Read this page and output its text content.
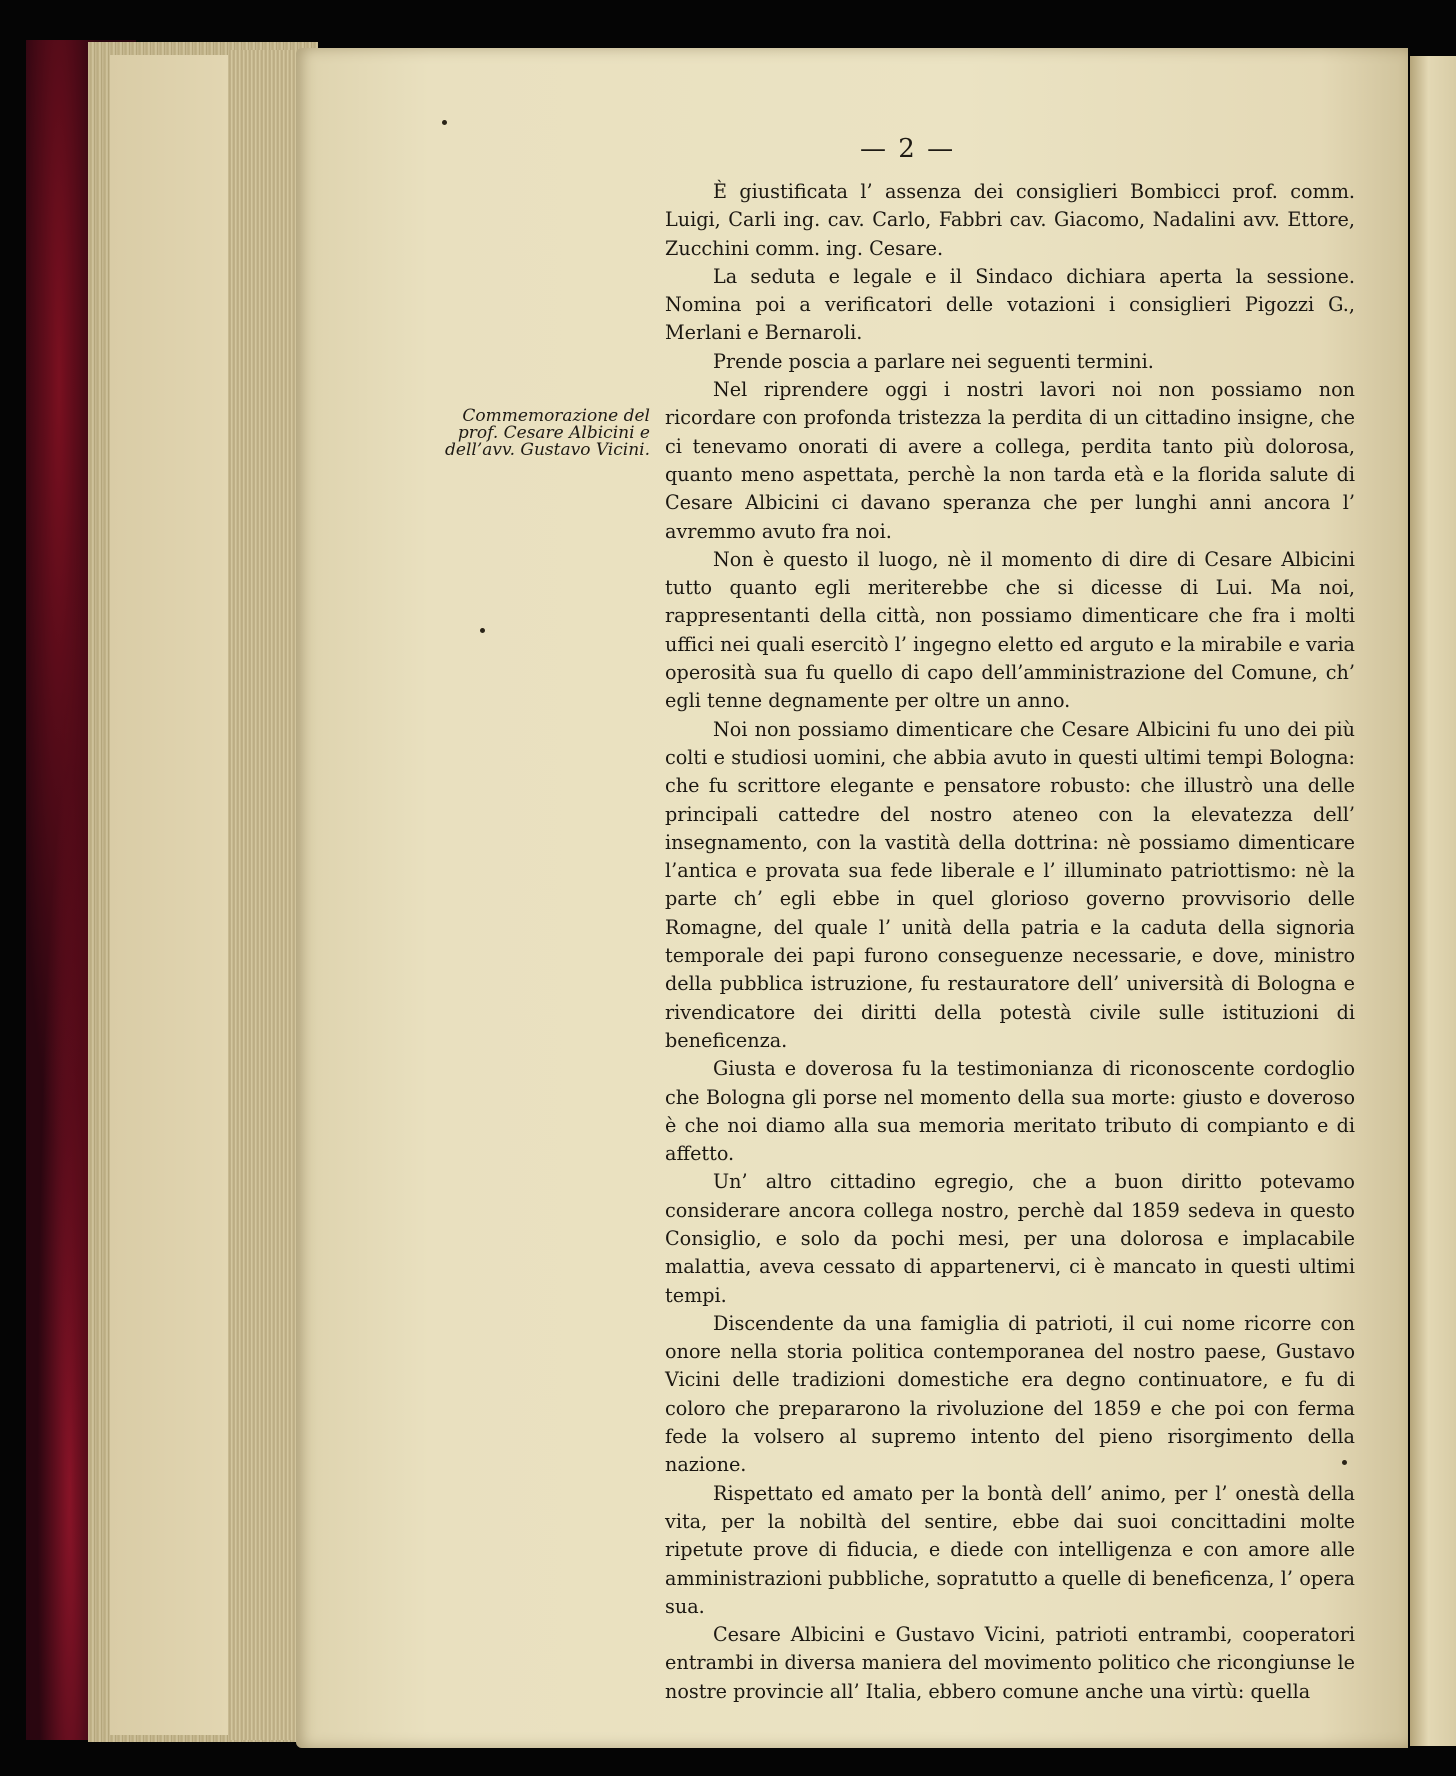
— 2 —
Commemorazione del
prof. Cesare Albicini e
dell’avv. Gustavo Vicini.

È giustificata l’ assenza dei consiglieri Bombicci prof. comm. Luigi, Carli ing. cav. Carlo, Fabbri cav. Giacomo, Nadalini avv. Ettore, Zucchini comm. ing. Cesare.

La seduta e legale e il Sindaco dichiara aperta la sessione. Nomina poi a verificatori delle votazioni i consiglieri Pigozzi G., Merlani e Bernaroli.

Prende poscia a parlare nei seguenti termini.

Nel riprendere oggi i nostri lavori noi non possiamo non ricordare con profonda tristezza la perdita di un cittadino insigne, che ci tenevamo onorati di avere a collega, perdita tanto più dolorosa, quanto meno aspettata, perchè la non tarda età e la florida salute di Cesare Albicini ci davano speranza che per lunghi anni ancora l’ avremmo avuto fra noi.

Non è questo il luogo, nè il momento di dire di Cesare Albicini tutto quanto egli meriterebbe che si dicesse di Lui. Ma noi, rappresentanti della città, non possiamo dimenticare che fra i molti uffici nei quali esercitò l’ ingegno eletto ed arguto e la mirabile e varia operosità sua fu quello di capo dell’amministrazione del Comune, ch’ egli tenne degnamente per oltre un anno.

Noi non possiamo dimenticare che Cesare Albicini fu uno dei più colti e studiosi uomini, che abbia avuto in questi ultimi tempi Bologna: che fu scrittore elegante e pensatore robusto: che illustrò una delle principali cattedre del nostro ateneo con la elevatezza dell’ insegnamento, con la vastità della dottrina: nè possiamo dimenticare l’antica e provata sua fede liberale e l’ illuminato patriottismo: nè la parte ch’ egli ebbe in quel glorioso governo provvisorio delle Romagne, del quale l’ unità della patria e la caduta della signoria temporale dei papi furono conseguenze necessarie, e dove, ministro della pubblica istruzione, fu restauratore dell’ università di Bologna e rivendicatore dei diritti della potestà civile sulle istituzioni di beneficenza.

Giusta e doverosa fu la testimonianza di riconoscente cordoglio che Bologna gli porse nel momento della sua morte: giusto e doveroso è che noi diamo alla sua memoria meritato tributo di compianto e di affetto.

Un’ altro cittadino egregio, che a buon diritto potevamo considerare ancora collega nostro, perchè dal 1859 sedeva in questo Consiglio, e solo da pochi mesi, per una dolorosa e implacabile malattia, aveva cessato di appartenervi, ci è mancato in questi ultimi tempi.

Discendente da una famiglia di patrioti, il cui nome ricorre con onore nella storia politica contemporanea del nostro paese, Gustavo Vicini delle tradizioni domestiche era degno continuatore, e fu di coloro che prepararono la rivoluzione del 1859 e che poi con ferma fede la volsero al supremo intento del pieno risorgimento della nazione.

Rispettato ed amato per la bontà dell’ animo, per l’ onestà della vita, per la nobiltà del sentire, ebbe dai suoi concittadini molte ripetute prove di fiducia, e diede con intelligenza e con amore alle amministrazioni pubbliche, sopratutto a quelle di beneficenza, l’ opera sua.

Cesare Albicini e Gustavo Vicini, patrioti entrambi, cooperatori entrambi in diversa maniera del movimento politico che ricongiunse le nostre provincie all’ Italia, ebbero comune anche una virtù: quella
